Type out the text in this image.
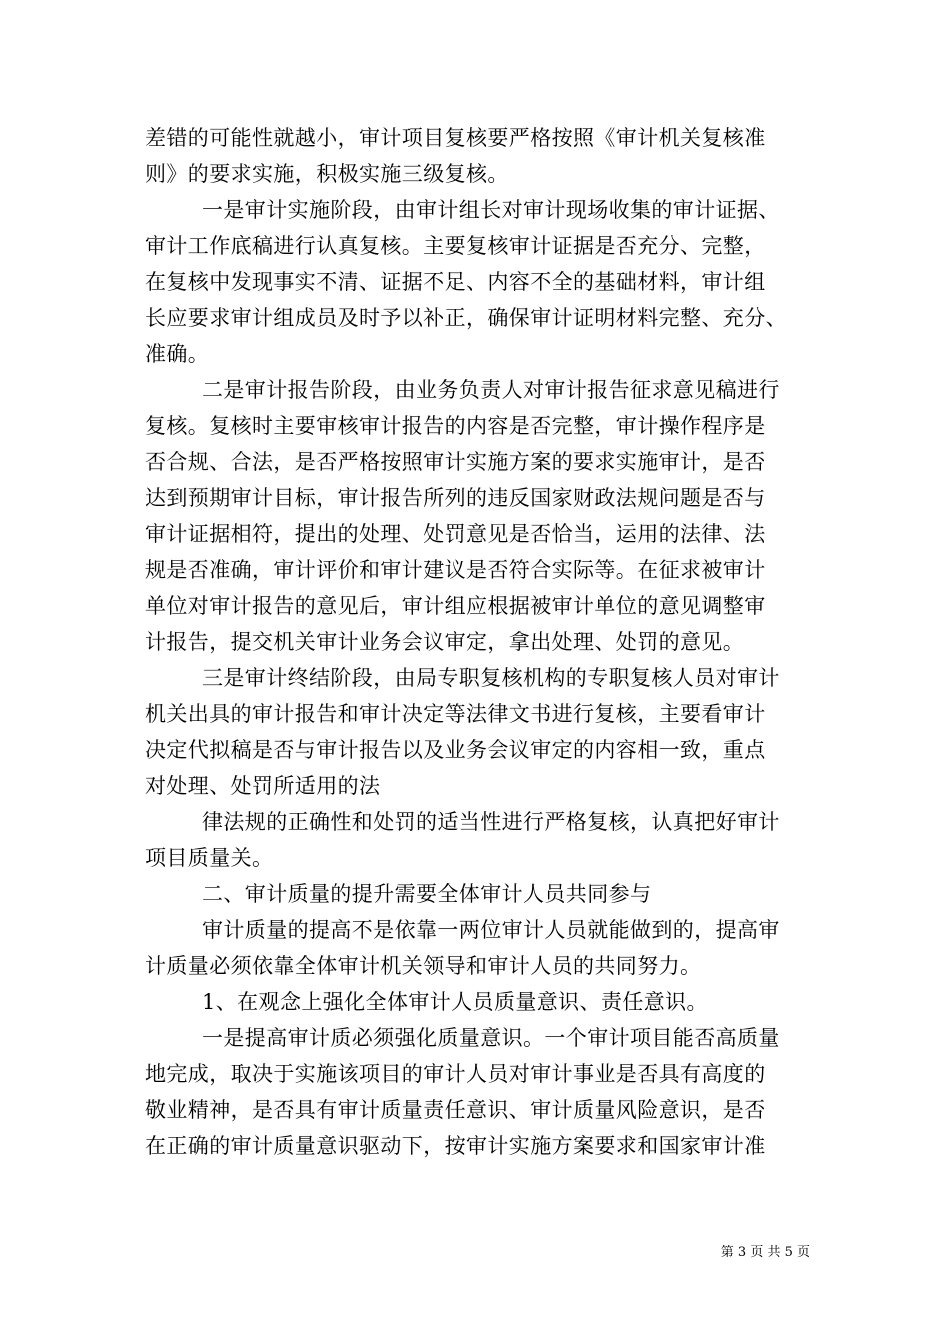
差错的可能性就越小，审计项目复核要严格按照《审计机关复核准
则》的要求实施，积极实施三级复核。
一是审计实施阶段，由审计组长对审计现场收集的审计证据、
审计工作底稿进行认真复核。主要复核审计证据是否充分、完整，
在复核中发现事实不清、证据不足、内容不全的基础材料，审计组
长应要求审计组成员及时予以补正，确保审计证明材料完整、充分、
准确。
二是审计报告阶段，由业务负责人对审计报告征求意见稿进行
复核。复核时主要审核审计报告的内容是否完整，审计操作程序是
否合规、合法，是否严格按照审计实施方案的要求实施审计，是否
达到预期审计目标，审计报告所列的违反国家财政法规问题是否与
审计证据相符，提出的处理、处罚意见是否恰当，运用的法律、法
规是否准确，审计评价和审计建议是否符合实际等。在征求被审计
单位对审计报告的意见后，审计组应根据被审计单位的意见调整审
计报告，提交机关审计业务会议审定，拿出处理、处罚的意见。
三是审计终结阶段，由局专职复核机构的专职复核人员对审计
机关出具的审计报告和审计决定等法律文书进行复核，主要看审计
决定代拟稿是否与审计报告以及业务会议审定的内容相一致，重点
对处理、处罚所适用的法
律法规的正确性和处罚的适当性进行严格复核，认真把好审计
项目质量关。
二、审计质量的提升需要全体审计人员共同参与
审计质量的提高不是依靠一两位审计人员就能做到的，提高审
计质量必须依靠全体审计机关领导和审计人员的共同努力。
1、在观念上强化全体审计人员质量意识、责任意识。
一是提高审计质必须强化质量意识。一个审计项目能否高质量
地完成，取决于实施该项目的审计人员对审计事业是否具有高度的
敬业精神，是否具有审计质量责任意识、审计质量风险意识，是否
在正确的审计质量意识驱动下，按审计实施方案要求和国家审计准
第 3 页 共 5 页
